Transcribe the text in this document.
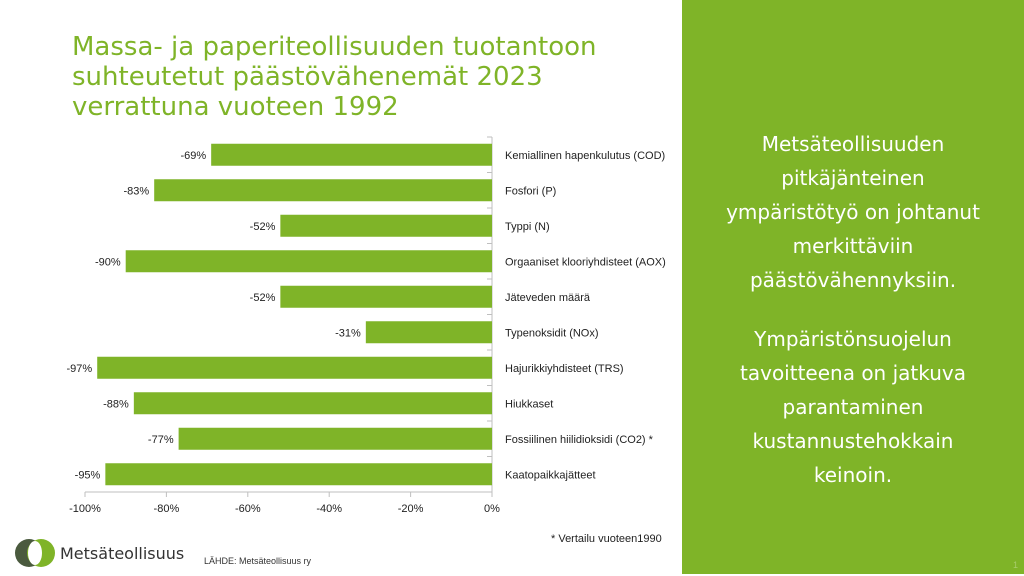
Massa- ja paperiteollisuuden tuotantoon
suhteutetut päästövähenemät 2023
verrattuna vuoteen 1992
-100%	-80%	-60%	-40%	-20%	0%
-69%	Kemiallinen hapenkulutus (COD)
-83%	Fosfori (P)
-52%	Typpi (N)
-90%	Orgaaniset klooriyhdisteet (AOX)
-52%	Jäteveden määrä
-31%	Typenoksidit (NOx)
-97%	Hajurikkiyhdisteet (TRS)
-88%	Hiukkaset
-77%	Fossiilinen hiilidioksidi (CO2) *
-95%	Kaatopaikkajätteet
* Vertailu vuoteen1990
Metsäteollisuus LÄHDE: Metsäteollisuus ry
Metsäteollisuuden
pitkäjänteinen
ympäristötyö on johtanut
merkittäviin
päästövähennyksiin.
Ympäristönsuojelun
tavoitteena on jatkuva
parantaminen
kustannustehokkain
keinoin.
1
